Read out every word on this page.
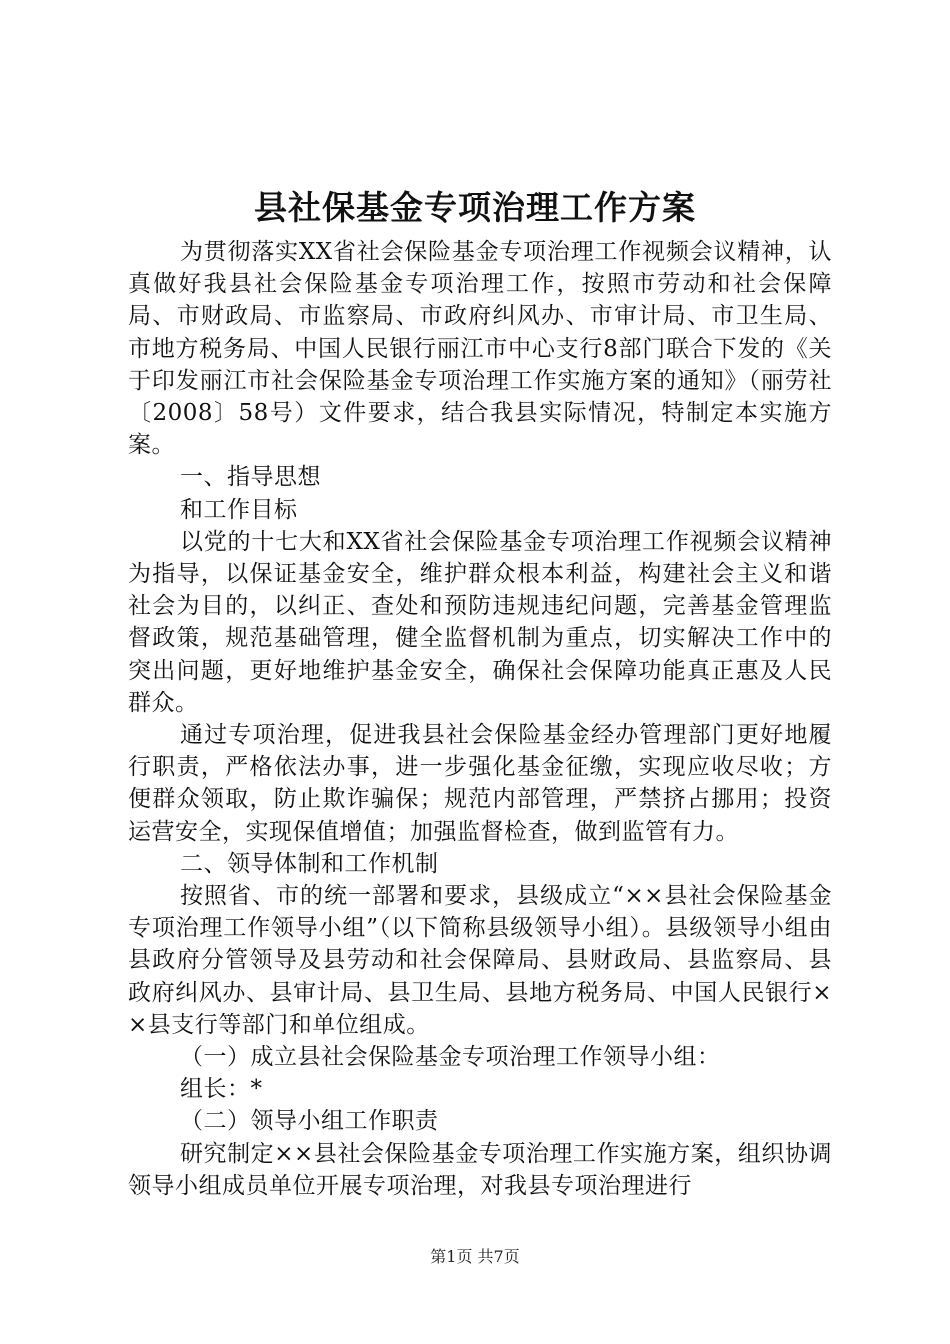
县社保基金专项治理工作方案

为贯彻落实XX省社会保险基金专项治理工作视频会议精神，认真做好我县社会保险基金专项治理工作，按照市劳动和社会保障局、市财政局、市监察局、市政府纠风办、市审计局、市卫生局、市地方税务局、中国人民银行丽江市中心支行8部门联合下发的《关于印发丽江市社会保险基金专项治理工作实施方案的通知》（丽劳社〔2008〕58号）文件要求，结合我县实际情况，特制定本实施方案。

一、指导思想

和工作目标

以党的十七大和XX省社会保险基金专项治理工作视频会议精神为指导，以保证基金安全，维护群众根本利益，构建社会主义和谐社会为目的，以纠正、查处和预防违规违纪问题，完善基金管理监督政策，规范基础管理，健全监督机制为重点，切实解决工作中的突出问题，更好地维护基金安全，确保社会保障功能真正惠及人民群众。

通过专项治理，促进我县社会保险基金经办管理部门更好地履行职责，严格依法办事，进一步强化基金征缴，实现应收尽收；方便群众领取，防止欺诈骗保；规范内部管理，严禁挤占挪用；投资运营安全，实现保值增值；加强监督检查，做到监管有力。

二、领导体制和工作机制

按照省、市的统一部署和要求，县级成立“××县社会保险基金专项治理工作领导小组”（以下简称县级领导小组）。县级领导小组由县政府分管领导及县劳动和社会保障局、县财政局、县监察局、县政府纠风办、县审计局、县卫生局、县地方税务局、中国人民银行××县支行等部门和单位组成。

（一）成立县社会保险基金专项治理工作领导小组：

组长：*

（二）领导小组工作职责

研究制定××县社会保险基金专项治理工作实施方案，组织协调领导小组成员单位开展专项治理，对我县专项治理进行

第1页 共7页
